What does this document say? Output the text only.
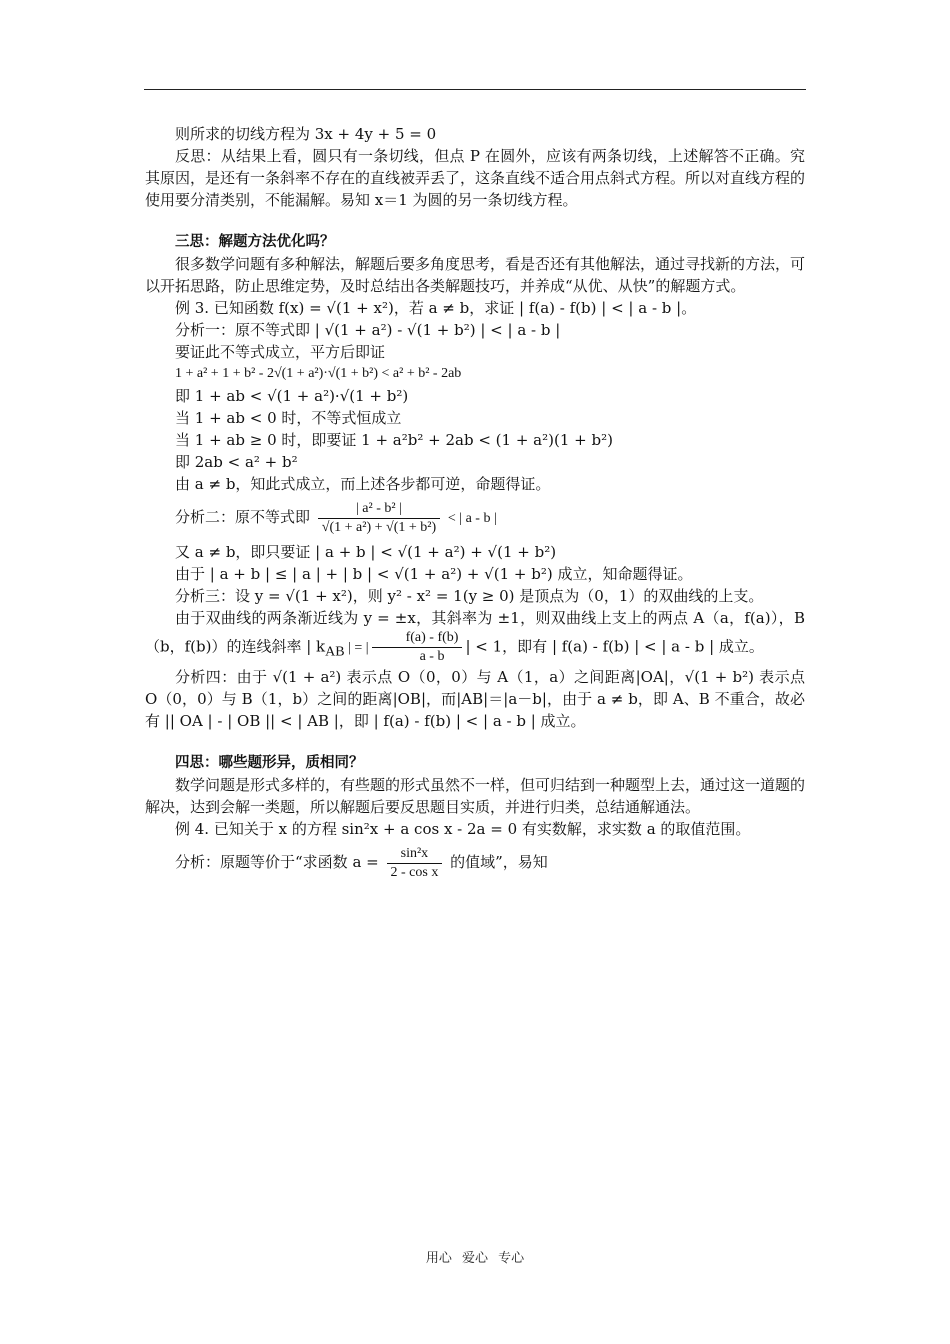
则所求的切线方程为 3x + 4y + 5 = 0

反思：从结果上看，圆只有一条切线，但点 P 在圆外，应该有两条切线，上述解答不正确。究其原因，是还有一条斜率不存在的直线被弄丢了，这条直线不适合用点斜式方程。所以对直线方程的使用要分清类别，不能漏解。易知 x＝1 为圆的另一条切线方程。

三思：解题方法优化吗？

很多数学问题有多种解法，解题后要多角度思考，看是否还有其他解法，通过寻找新的方法，可以开拓思路，防止思维定势，及时总结出各类解题技巧，并养成“从优、从快”的解题方式。

例 3. 已知函数 f(x) = √(1 + x²)，若 a ≠ b，求证 | f(a) - f(b) | < | a - b |。

分析一：原不等式即 | √(1 + a²) - √(1 + b²) | < | a - b |

要证此不等式成立，平方后即证

1 + a² + 1 + b² - 2√(1 + a²)·√(1 + b²) < a² + b² - 2ab

即 1 + ab < √(1 + a²)·√(1 + b²)

当 1 + ab < 0 时，不等式恒成立

当 1 + ab ≥ 0 时，即要证 1 + a²b² + 2ab < (1 + a²)(1 + b²)

即 2ab < a² + b²

由 a ≠ b，知此式成立，而上述各步都可逆，命题得证。

分析二：原不等式即 $\frac{\text{| a² - b² |}}{\text{√(1 + a²) + √(1 + b²)}}$ < | a - b |

又 a ≠ b，即只要证 | a + b | < √(1 + a²) + √(1 + b²)

由于 | a + b | ≤ | a | + | b | < √(1 + a²) + √(1 + b²) 成立，知命题得证。

分析三：设 y = √(1 + x²)，则 y² - x² = 1(y ≥ 0) 是顶点为（0，1）的双曲线的上支。

由于双曲线的两条渐近线为 y = ±x，其斜率为 ±1，则双曲线上支上的两点 A（a，f(a)），B（b，f(b)）的连线斜率 | $k_{AB}$ | = | $\frac{f(a) - f(b)}{a - b}$ | < 1，即有 | f(a) - f(b) | < | a - b | 成立。

分析四：由于 √(1 + a²) 表示点 O（0，0）与 A（1，a）之间距离|OA|，√(1 + b²) 表示点 O（0，0）与 B（1，b）之间的距离|OB|，而|AB|＝|a－b|，由于 a ≠ b，即 A、B 不重合，故必有 || OA | - | OB || < | AB |，即 | f(a) - f(b) | < | a - b | 成立。

四思：哪些题形异，质相同？

数学问题是形式多样的，有些题的形式虽然不一样，但可归结到一种题型上去，通过这一道题的解决，达到会解一类题，所以解题后要反思题目实质，并进行归类，总结通解通法。

例 4. 已知关于 x 的方程 sin²x + a cos x - 2a = 0 有实数解，求实数 a 的取值范围。

分析：原题等价于“求函数 $a = \frac{\text{sin²x}}{\text{2 - cos x}}$ 的值域”，易知

用心 爱心 专心
